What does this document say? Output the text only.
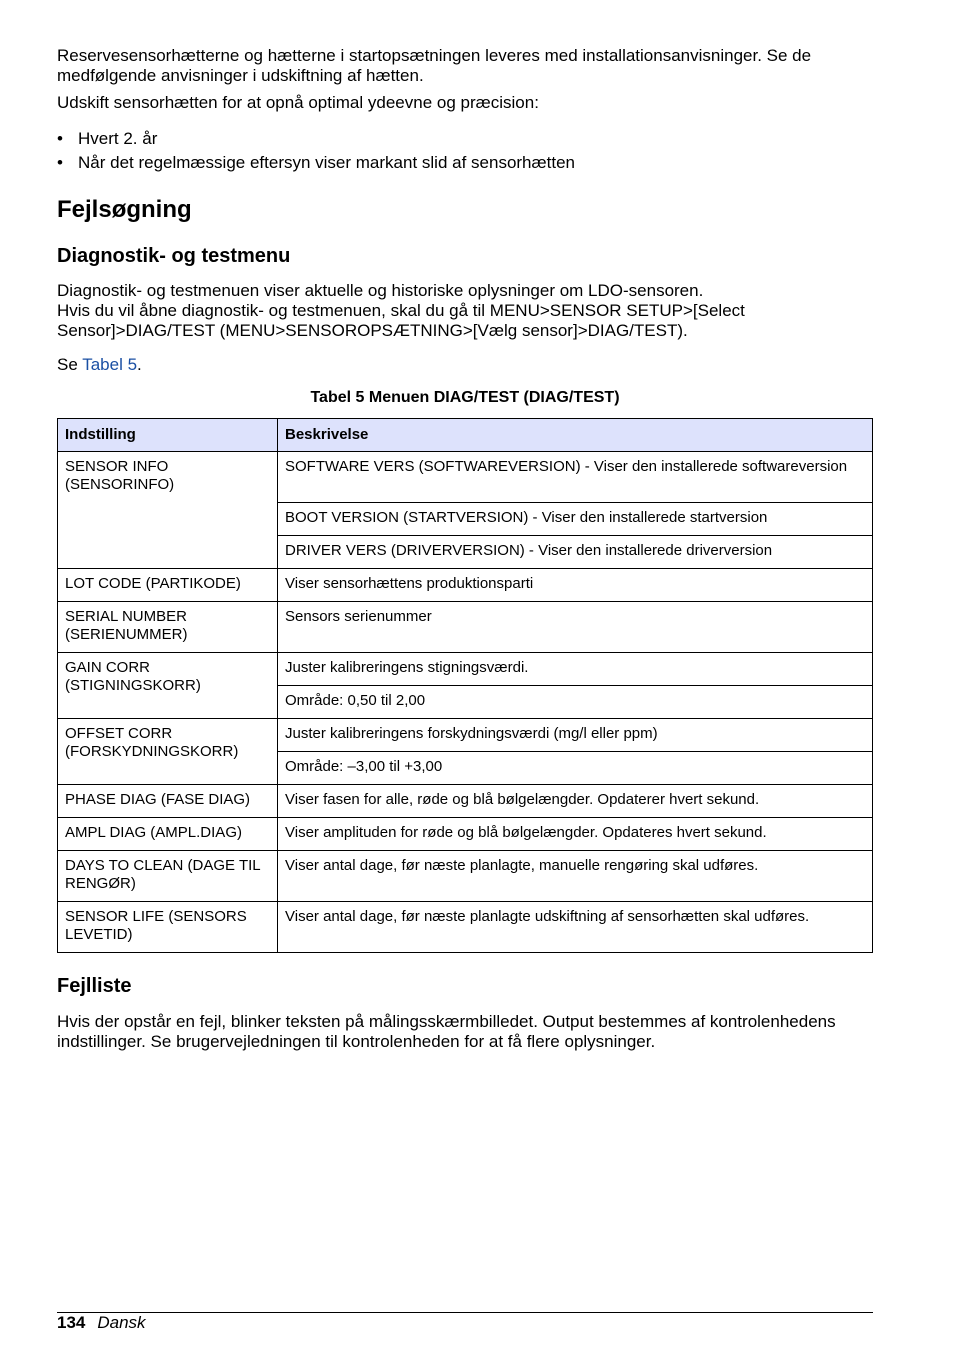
Reservesensorhætterne og hætterne i startopsætningen leveres med installationsanvisninger. Se de medfølgende anvisninger i udskiftning af hætten.

Udskift sensorhætten for at opnå optimal ydeevne og præcision:

• Hvert 2. år
• Når det regelmæssige eftersyn viser markant slid af sensorhætten
Fejlsøgning
Diagnostik- og testmenu

Diagnostik- og testmenuen viser aktuelle og historiske oplysninger om LDO-sensoren.

Hvis du vil åbne diagnostik- og testmenuen, skal du gå til MENU>SENSOR SETUP>[Select Sensor]>DIAG/TEST (MENU>SENSOROPSÆTNING>[Vælg sensor]>DIAG/TEST).

Se Tabel 5.

Tabel 5 Menuen DIAG/TEST (DIAG/TEST)
Indstilling	Beskrivelse
SENSOR INFO (SENSORINFO)	SOFTWARE VERS (SOFTWAREVERSION) - Viser den installerede softwareversion
	BOOT VERSION (STARTVERSION) - Viser den installerede startversion
	DRIVER VERS (DRIVERVERSION) - Viser den installerede driverversion
LOT CODE (PARTIKODE)	Viser sensorhættens produktionsparti
SERIAL NUMBER (SERIENUMMER)	Sensors serienummer
GAIN CORR (STIGNINGSKORR)	Juster kalibreringens stigningsværdi.
	Område: 0,50 til 2,00
OFFSET CORR (FORSKYDNINGSKORR)	Juster kalibreringens forskydningsværdi (mg/l eller ppm)
	Område: –3,00 til +3,00
PHASE DIAG (FASE DIAG)	Viser fasen for alle, røde og blå bølgelængder. Opdaterer hvert sekund.
AMPL DIAG (AMPL.DIAG)	Viser amplituden for røde og blå bølgelængder. Opdateres hvert sekund.
DAYS TO CLEAN (DAGE TIL RENGØR)	Viser antal dage, før næste planlagte, manuelle rengøring skal udføres.
SENSOR LIFE (SENSORS LEVETID)	Viser antal dage, før næste planlagte udskiftning af sensorhætten skal udføres.
Fejlliste

Hvis der opstår en fejl, blinker teksten på målingsskærmbilledet. Output bestemmes af kontrolenhedens indstillinger. Se brugervejledningen til kontrolenheden for at få flere oplysninger.

134 Dansk
